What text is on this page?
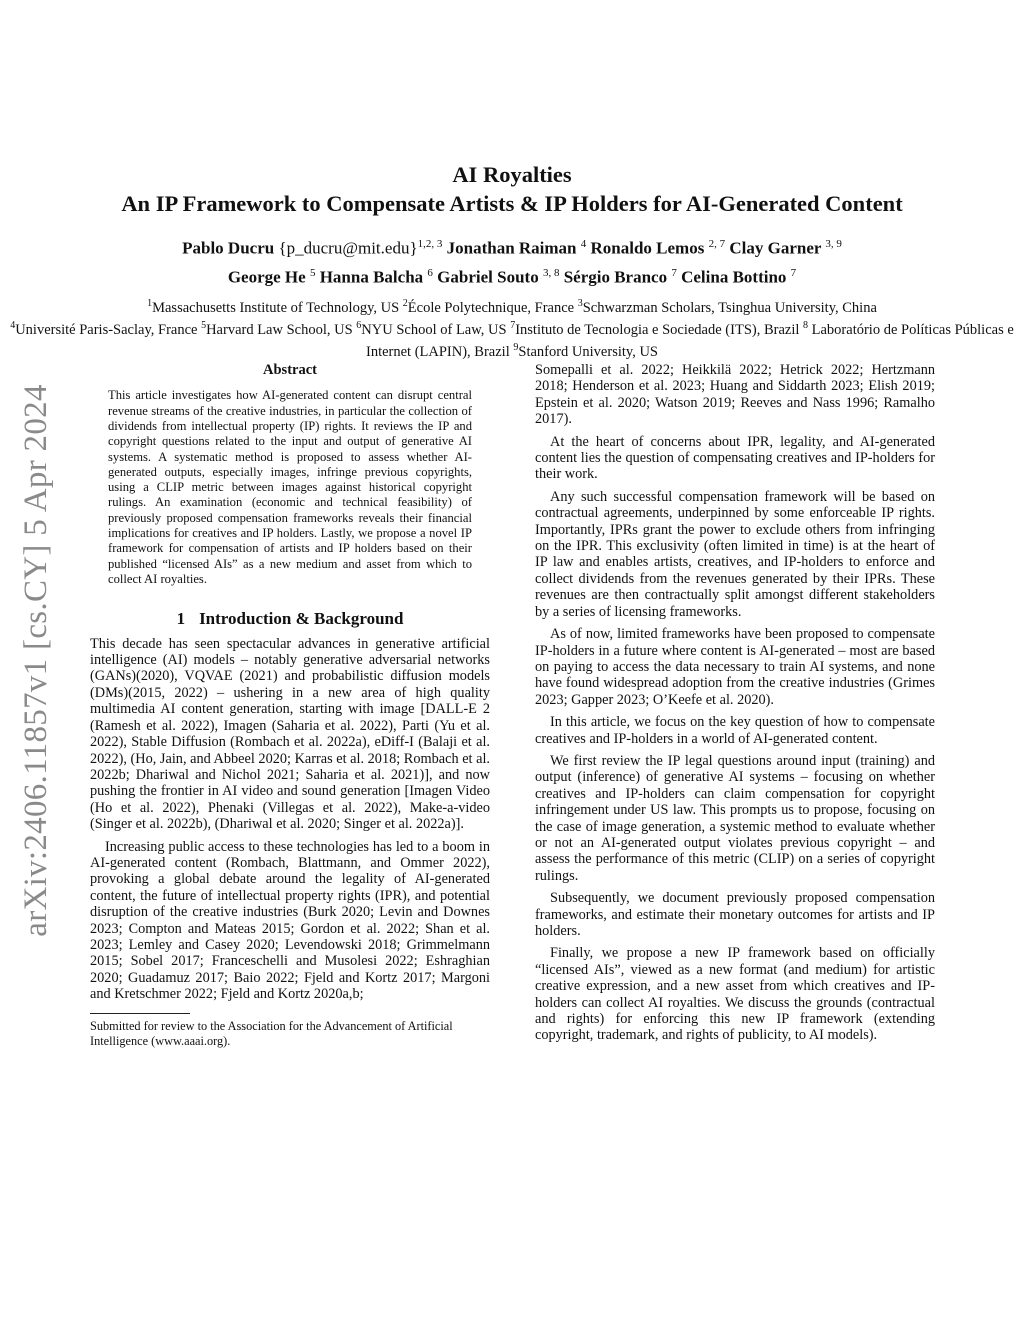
arXiv:2406.11857v1 [cs.CY] 5 Apr 2024
AI Royalties
An IP Framework to Compensate Artists & IP Holders for AI-Generated Content
Pablo Ducru {p_ducru@mit.edu}$^{1,2, 3}$ Jonathan Raiman $^4$ Ronaldo Lemos $^{2, 7}$ Clay Garner $^{3, 9}$
George He $^5$ Hanna Balcha $^6$ Gabriel Souto $^{3, 8}$ Sérgio Branco $^7$ Celina Bottino $^7$
$^1$Massachusetts Institute of Technology, US $^2$École Polytechnique, France $^3$Schwarzman Scholars, Tsinghua University, China
$^4$Université Paris-Saclay, France $^5$Harvard Law School, US $^6$NYU School of Law, US $^7$Instituto de Tecnologia e Sociedade (ITS), Brazil $^8$ Laboratório de Políticas Públicas e Internet (LAPIN), Brazil $^9$Stanford University, US
Abstract
This article investigates how AI-generated content can disrupt central revenue streams of the creative industries, in particular the collection of dividends from intellectual property (IP) rights. It reviews the IP and copyright questions related to the input and output of generative AI systems. A systematic method is proposed to assess whether AI-generated outputs, especially images, infringe previous copyrights, using a CLIP metric between images against historical copyright rulings. An examination (economic and technical feasibility) of previously proposed compensation frameworks reveals their financial implications for creatives and IP holders. Lastly, we propose a novel IP framework for compensation of artists and IP holders based on their published “licensed AIs” as a new medium and asset from which to collect AI royalties.
1 Introduction & Background

This decade has seen spectacular advances in generative artificial intelligence (AI) models – notably generative adversarial networks (GANs)(2020), VQVAE (2021) and probabilistic diffusion models (DMs)(2015, 2022) – ushering in a new area of high quality multimedia AI content generation, starting with image [DALL-E 2 (Ramesh et al. 2022), Imagen (Saharia et al. 2022), Parti (Yu et al. 2022), Stable Diffusion (Rombach et al. 2022a), eDiff-I (Balaji et al. 2022), (Ho, Jain, and Abbeel 2020; Karras et al. 2018; Rombach et al. 2022b; Dhariwal and Nichol 2021; Saharia et al. 2021)], and now pushing the frontier in AI video and sound generation [Imagen Video (Ho et al. 2022), Phenaki (Villegas et al. 2022), Make-a-video (Singer et al. 2022b), (Dhariwal et al. 2020; Singer et al. 2022a)].

Increasing public access to these technologies has led to a boom in AI-generated content (Rombach, Blattmann, and Ommer 2022), provoking a global debate around the legality of AI-generated content, the future of intellectual property rights (IPR), and potential disruption of the creative industries (Burk 2020; Levin and Downes 2023; Compton and Mateas 2015; Gordon et al. 2022; Shan et al. 2023; Lemley and Casey 2020; Levendowski 2018; Grimmelmann 2015; Sobel 2017; Franceschelli and Musolesi 2022; Eshraghian 2020; Guadamuz 2017; Baio 2022; Fjeld and Kortz 2017; Margoni and Kretschmer 2022; Fjeld and Kortz 2020a,b;

Submitted for review to the Association for the Advancement of Artificial Intelligence (www.aaai.org).

Somepalli et al. 2022; Heikkilä 2022; Hetrick 2022; Hertzmann 2018; Henderson et al. 2023; Huang and Siddarth 2023; Elish 2019; Epstein et al. 2020; Watson 2019; Reeves and Nass 1996; Ramalho 2017).

At the heart of concerns about IPR, legality, and AI-generated content lies the question of compensating creatives and IP-holders for their work.

Any such successful compensation framework will be based on contractual agreements, underpinned by some enforceable IP rights. Importantly, IPRs grant the power to exclude others from infringing on the IPR. This exclusivity (often limited in time) is at the heart of IP law and enables artists, creatives, and IP-holders to enforce and collect dividends from the revenues generated by their IPRs. These revenues are then contractually split amongst different stakeholders by a series of licensing frameworks.

As of now, limited frameworks have been proposed to compensate IP-holders in a future where content is AI-generated – most are based on paying to access the data necessary to train AI systems, and none have found widespread adoption from the creative industries (Grimes 2023; Gapper 2023; O’Keefe et al. 2020).

In this article, we focus on the key question of how to compensate creatives and IP-holders in a world of AI-generated content.

We first review the IP legal questions around input (training) and output (inference) of generative AI systems – focusing on whether creatives and IP-holders can claim compensation for copyright infringement under US law. This prompts us to propose, focusing on the case of image generation, a systemic method to evaluate whether or not an AI-generated output violates previous copyright – and assess the performance of this metric (CLIP) on a series of copyright rulings.

Subsequently, we document previously proposed compensation frameworks, and estimate their monetary outcomes for artists and IP holders.

Finally, we propose a new IP framework based on officially “licensed AIs”, viewed as a new format (and medium) for artistic creative expression, and a new asset from which creatives and IP-holders can collect AI royalties. We discuss the grounds (contractual and rights) for enforcing this new IP framework (extending copyright, trademark, and rights of publicity, to AI models).
